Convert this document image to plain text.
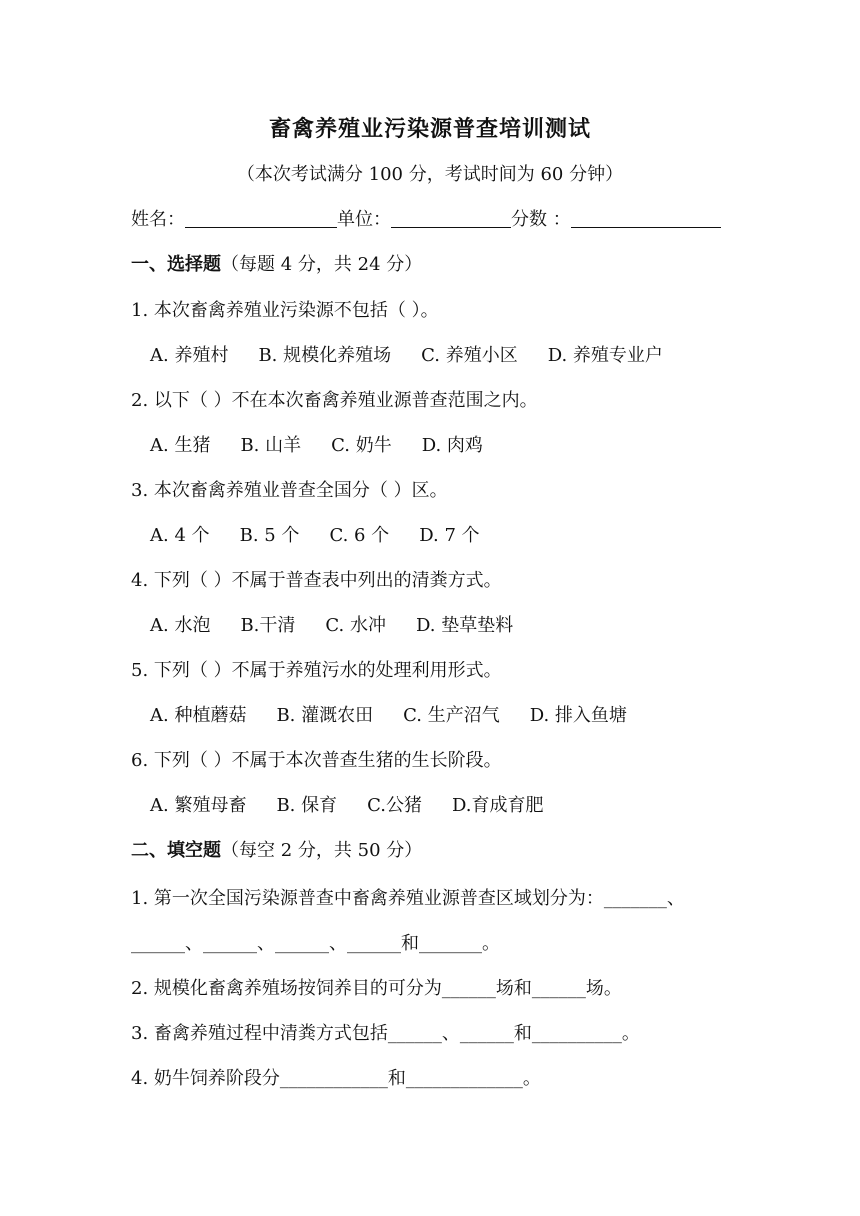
畜禽养殖业污染源普查培训测试
（本次考试满分 100 分，考试时间为 60 分钟）
姓名：	单位：	分数 ：
一、选择题（每题 4 分，共 24 分）
1. 本次畜禽养殖业污染源不包括（ ）。
A. 养殖村 B. 规模化养殖场 C. 养殖小区 D. 养殖专业户
2. 以下（ ）不在本次畜禽养殖业源普查范围之内。
A. 生猪 B. 山羊 C. 奶牛 D. 肉鸡
3. 本次畜禽养殖业普查全国分（ ）区。
A. 4 个 B. 5 个 C. 6 个 D. 7 个
4. 下列（ ）不属于普查表中列出的清粪方式。
A. 水泡 B.干清 C. 水冲 D. 垫草垫料
5. 下列（ ）不属于养殖污水的处理利用形式。
A. 种植蘑菇 B. 灌溉农田 C. 生产沼气 D. 排入鱼塘
6. 下列（ ）不属于本次普查生猪的生长阶段。
A. 繁殖母畜 B. 保育 C.公猪 D.育成育肥
二、填空题（每空 2 分，共 50 分）
1. 第一次全国污染源普查中畜禽养殖业源普查区域划分为：_______、
______、______、______、______和_______。
2. 规模化畜禽养殖场按饲养目的可分为______场和______场。
3. 畜禽养殖过程中清粪方式包括______、______和__________。
4. 奶牛饲养阶段分____________和_____________。
